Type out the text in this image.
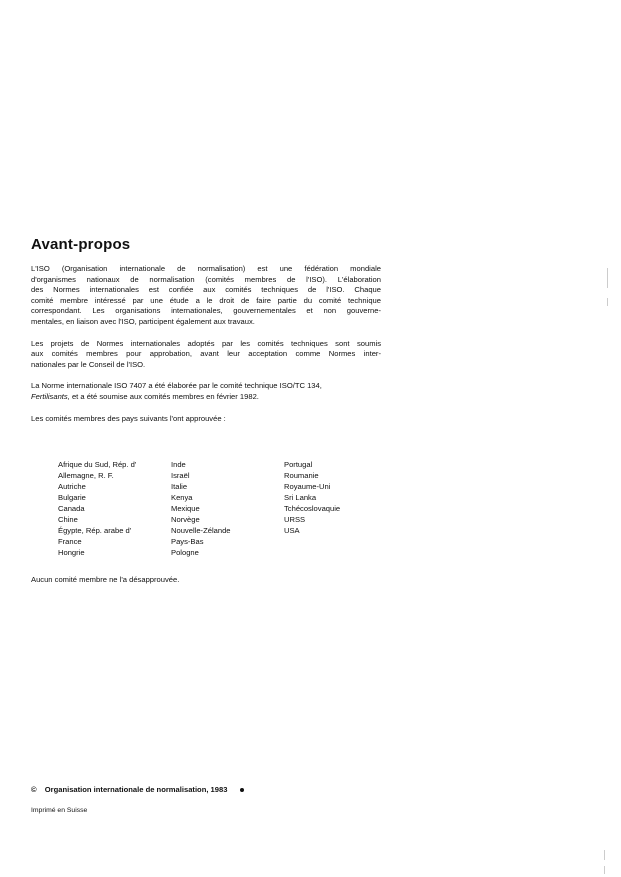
Avant-propos

L'ISO (Organisation internationale de normalisation) est une fédération mondiale
d'organismes nationaux de normalisation (comités membres de l'ISO). L'élaboration
des Normes internationales est confiée aux comités techniques de l'ISO. Chaque
comité membre intéressé par une étude a le droit de faire partie du comité technique
correspondant. Les organisations internationales, gouvernementales et non gouverne-
mentales, en liaison avec l'ISO, participent également aux travaux.

Les projets de Normes internationales adoptés par les comités techniques sont soumis
aux comités membres pour approbation, avant leur acceptation comme Normes inter-
nationales par le Conseil de l'ISO.

La Norme internationale ISO 7407 a été élaborée par le comité technique ISO/TC 134,
Fertilisants, et a été soumise aux comités membres en février 1982.

Les comités membres des pays suivants l'ont approuvée :

Afrique du Sud, Rép. d'
Allemagne, R. F.
Autriche
Bulgarie
Canada
Chine
Égypte, Rép. arabe d'
France
Hongrie
Inde
Israël
Italie
Kenya
Mexique
Norvège
Nouvelle-Zélande
Pays-Bas
Pologne
Portugal
Roumanie
Royaume-Uni
Sri Lanka
Tchécoslovaquie
URSS
USA

Aucun comité membre ne l'a désapprouvée.

© Organisation internationale de normalisation, 1983
Imprimé en Suisse
